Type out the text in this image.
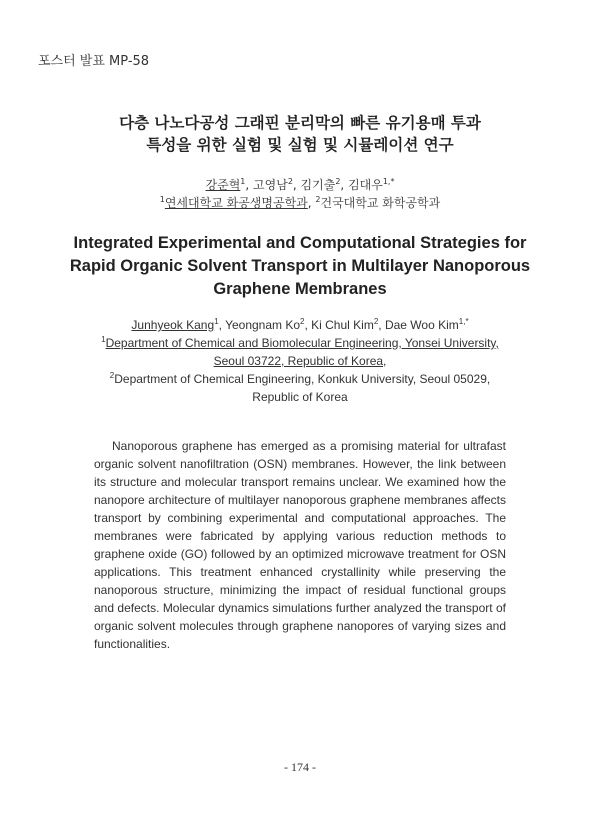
포스터 발표 MP-58
다층 나노다공성 그래핀 분리막의 빠른 유기용매 투과
특성을 위한 실험 및 실험 및 시뮬레이션 연구
강준혁$^1$, 고영남$^2$, 김기출$^2$, 김대우$^{1,*}$
$^1$연세대학교 화공생명공학과, $^2$건국대학교 화학공학과
Integrated Experimental and Computational Strategies for
Rapid Organic Solvent Transport in Multilayer Nanoporous
Graphene Membranes
Junhyeok Kang$^1$, Yeongnam Ko$^2$, Ki Chul Kim$^2$, Dae Woo Kim$^{1,*}$
$^1$Department of Chemical and Biomolecular Engineering, Yonsei University,
Seoul 03722, Republic of Korea,
$^2$Department of Chemical Engineering, Konkuk University, Seoul 05029,
Republic of Korea
Nanoporous graphene has emerged as a promising material for ultrafast organic solvent nanofiltration (OSN) membranes. However, the link between its structure and molecular transport remains unclear. We examined how the nanopore architecture of multilayer nanoporous graphene membranes affects transport by combining experimental and computational approaches. The membranes were fabricated by applying various reduction methods to graphene oxide (GO) followed by an optimized microwave treatment for OSN applications. This treatment enhanced crystallinity while preserving the nanoporous structure, minimizing the impact of residual functional groups and defects. Molecular dynamics simulations further analyzed the transport of organic solvent molecules through graphene nanopores of varying sizes and functionalities.
- 174 -
